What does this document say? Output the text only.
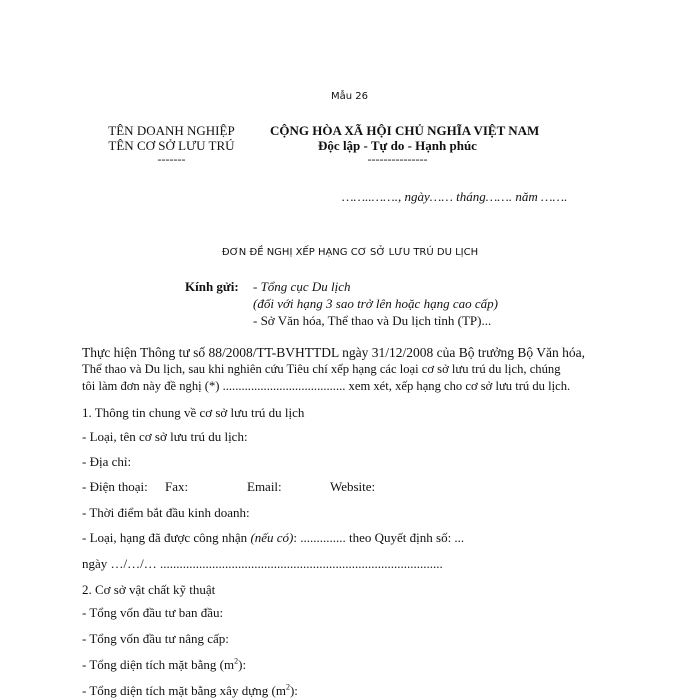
Mẫu 26
TÊN DOANH NGHIỆP
TÊN CƠ SỞ LƯU TRÚ
-------
CỘNG HÒA XÃ HỘI CHỦ NGHĨA VIỆT NAM
Độc lập - Tự do - Hạnh phúc
---------------
……..……., ngày…… tháng……. năm …….
ĐƠN ĐỀ NGHỊ XẾP HẠNG CƠ SỞ LƯU TRÚ DU LỊCH
Kính gửi: - Tổng cục Du lịch
(đối với hạng 3 sao trở lên hoặc hạng cao cấp)
- Sở Văn hóa, Thể thao và Du lịch tỉnh (TP)...
Thực hiện Thông tư số 88/2008/TT-BVHTTDL ngày 31/12/2008 của Bộ trưởng Bộ Văn hóa,
Thể thao và Du lịch, sau khi nghiên cứu Tiêu chí xếp hạng các loại cơ sở lưu trú du lịch, chúng
tôi làm đơn này đề nghị (*) ....................................... xem xét, xếp hạng cho cơ sở lưu trú du lịch.
1. Thông tin chung về cơ sở lưu trú du lịch
- Loại, tên cơ sở lưu trú du lịch:
- Địa chỉ:
- Điện thoại: Fax:	Email:	Website:
- Thời điểm bắt đầu kinh doanh:
- Loại, hạng đã được công nhận (nếu có): .............. theo Quyết định số: ...
ngày …/…/… .......................................................................................
2. Cơ sở vật chất kỹ thuật
- Tổng vốn đầu tư ban đầu:
- Tổng vốn đầu tư nâng cấp:
- Tổng diện tích mặt bằng $(m^2)$:
- Tổng diện tích mặt bằng xây dựng $(m^2)$:
